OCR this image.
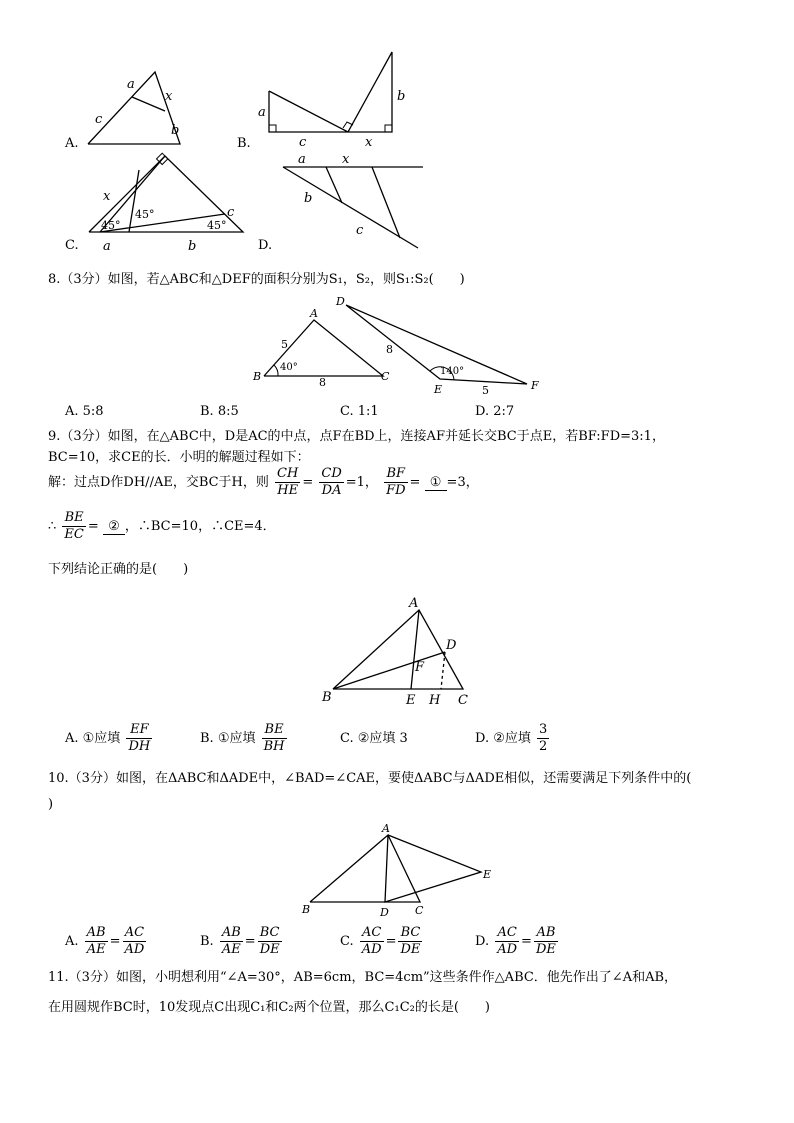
a
x
c
b
A.
a
c	x
b
B.
x
c
a	b
45°
45°
45°
C.
a	x
b
c
D.
8.（3分）如图，若△ABC和△DEF的面积分别为S₁，S₂，则S₁:S₂(　　)
A
B	C
D
E	F
5
8
40°
8
140°
5
A. 5:8	B. 8:5	C. 1:1	D. 2:7
9.（3分）如图，在△ABC中，D是AC的中点，点F在BD上，连接AF并延长交BC于点E，若BF:FD=3:1，
BC=10，求CE的长．小明的解题过程如下：
解：过点D作DH//AE，交BC于H，则 $\frac{CH}{HE} = \frac{CD}{DA} =1$， $\frac{BF}{FD}$ = ① =3，
∴ $\frac{BE}{EC}$ = ② ，∴BC=10，∴CE=4．
下列结论正确的是(　　)
A
B	C
D
E
F
H
A. ①应填 $\frac{EF}{DH}$	B. ①应填 $\frac{BE}{BH}$	C. ②应填 3	D. ②应填 $\frac{3}{2}$
10.（3分）如图，在ΔABC和ΔADE中，∠BAD=∠CAE，要使ΔABC与ΔADE相似，还需要满足下列条件中的(
)
A
B	D C
E
A. $\frac{AB}{AE} = \frac{AC}{AD}$	B. $\frac{AB}{AE} = \frac{BC}{DE}$	C. $\frac{AC}{AD} = \frac{BC}{DE}$	D. $\frac{AC}{AD} = \frac{AB}{DE}$
11.（3分）如图，小明想利用“∠A=30°，AB=6cm，BC=4cm”这些条件作△ABC．他先作出了∠A和AB，
在用圆规作BC时，10发现点C出现C₁和C₂两个位置，那么C₁C₂的长是(　　)
